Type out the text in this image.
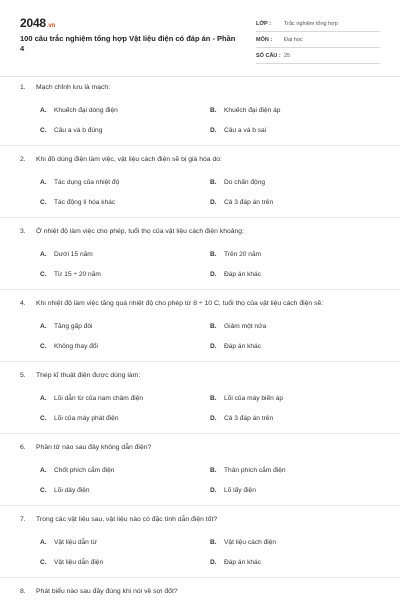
2048.vn
100 câu trắc nghiệm tổng hợp Vật liệu điện có đáp án - Phần 4
LỚP : Trắc nghiệm tổng hợp
MÔN : Đại học
SỐ CÂU : 25
1. Mạch chỉnh lưu là mạch:
A. Khuếch đại dòng điện	B. Khuếch đại điện áp
C. Câu a và b đúng	D. Câu a và b sai
2. Khi đồ dùng điện làm việc, vật liệu cách điện sẽ bị già hóa do:
A. Tác dụng của nhiệt độ	B. Do chấn động
C. Tác động lí hóa khác	D. Cả 3 đáp án trên
3. Ở nhiệt độ làm việc cho phép, tuổi thọ của vật liệu cách điện khoảng:
A. Dưới 15 năm	B. Trên 20 năm
C. Từ 15 ÷ 20 năm	D. Đáp án khác
4. Khi nhiệt độ làm việc tăng quá nhiệt độ cho phép từ 8 ÷ 10 C, tuổi thọ của vật liệu cách điện sẽ:
A. Tăng gấp đôi	B. Giảm một nửa
C. Không thay đổi	D. Đáp án khác
5. Thép kĩ thuật điện được dùng làm:
A. Lõi dẫn từ của nam châm điện	B. Lõi của máy biến áp
C. Lõi của máy phát điện	D. Cả 3 đáp án trên
6. Phần tử nào sau đây không dẫn điện?
A. Chốt phích cắm điện	B. Thân phích cắm điện
C. Lõi dây điện	D. Lõ lấy điện
7. Trong các vật liệu sau, vật liệu nào có đặc tính dẫn điện tốt?
A. Vật liệu dẫn từ	B. Vật liệu cách điện
C. Vật liệu dẫn điện	D. Đáp án khác
8. Phát biểu nào sau đây đúng khi nói về sợi đốt?
